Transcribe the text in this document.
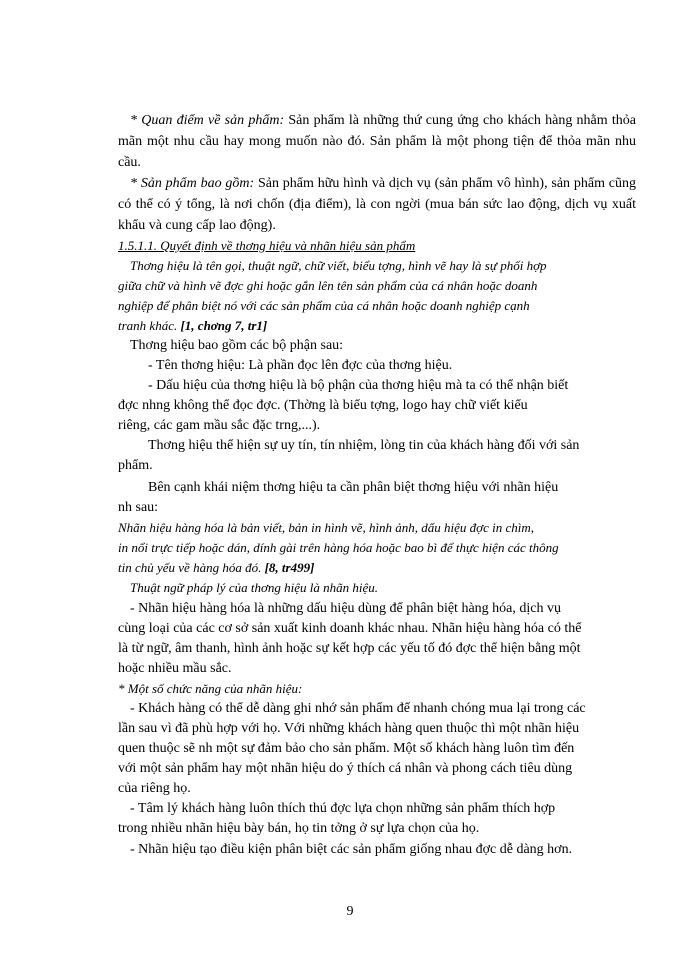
* Quan điểm về sản phẩm: Sản phẩm là những thứ cung ứng cho khách hàng nhằm thỏa mãn một nhu cầu hay mong muốn nào đó. Sản phẩm là một phong tiện để thỏa mãn nhu cầu.

* Sản phẩm bao gồm: Sản phẩm hữu hình và dịch vụ (sản phẩm vô hình), sản phẩm cũng có thể có ý tổng, là nơi chốn (địa điểm), là con ngời (mua bán sức lao động, dịch vụ xuất khẩu và cung cấp lao động).

1.5.1.1. Quyết định về thơng hiệu và nhãn hiệu sản phẩm
Thơng hiệu là tên gọi, thuật ngữ, chữ viết, biểu tợng, hình vẽ hay là sự phối hợp
giữa chữ và hình vẽ đợc ghi hoặc gắn lên tên sản phẩm của cá nhân hoặc doanh
nghiệp để phân biệt nó với các sản phẩm của cá nhân hoặc doanh nghiệp cạnh
tranh khác. [1, chơng 7, tr1]
Thơng hiệu bao gồm các bộ phận sau:
- Tên thơng hiệu: Là phần đọc lên đợc của thơng hiệu.
- Dấu hiệu của thơng hiệu là bộ phận của thơng hiệu mà ta có thể nhận biết
đợc nhng không thể đọc đợc. (Thờng là biểu tợng, logo hay chữ viết kiểu
riêng, các gam mầu sắc đặc trng,...).
Thơng hiệu thể hiện sự uy tín, tín nhiệm, lòng tin của khách hàng đối với sản
phẩm.
Bên cạnh khái niệm thơng hiệu ta cần phân biệt thơng hiệu với nhãn hiệu
nh sau:
Nhãn hiệu hàng hóa là bản viết, bản in hình vẽ, hình ảnh, dấu hiệu đợc in chìm,
in nổi trực tiếp hoặc dán, dính gài trên hàng hóa hoặc bao bì để thực hiện các thông
tin chủ yếu về hàng hóa đó. [8, tr499]
Thuật ngữ pháp lý của thơng hiệu là nhãn hiệu.
- Nhãn hiệu hàng hóa là những dấu hiệu dùng để phân biệt hàng hóa, dịch vụ
cùng loại của các cơ sở sản xuất kinh doanh khác nhau. Nhãn hiệu hàng hóa có thể
là từ ngữ, âm thanh, hình ảnh hoặc sự kết hợp các yếu tố đó đợc thể hiện bằng một
hoặc nhiều mầu sắc.
* Một số chức năng của nhãn hiệu:
- Khách hàng có thể dễ dàng ghi nhớ sản phẩm để nhanh chóng mua lại trong các
lần sau vì đã phù hợp với họ. Với những khách hàng quen thuộc thì một nhãn hiệu
quen thuộc sẽ nh một sự đảm bảo cho sản phẩm. Một số khách hàng luôn tìm đến
với một sản phẩm hay một nhãn hiệu do ý thích cá nhân và phong cách tiêu dùng
của riêng họ.
- Tâm lý khách hàng luôn thích thú đợc lựa chọn những sản phẩm thích hợp
trong nhiều nhãn hiệu bày bán, họ tin tởng ở sự lựa chọn của họ.
- Nhãn hiệu tạo điều kiện phân biệt các sản phẩm giống nhau đợc dễ dàng hơn.
9
